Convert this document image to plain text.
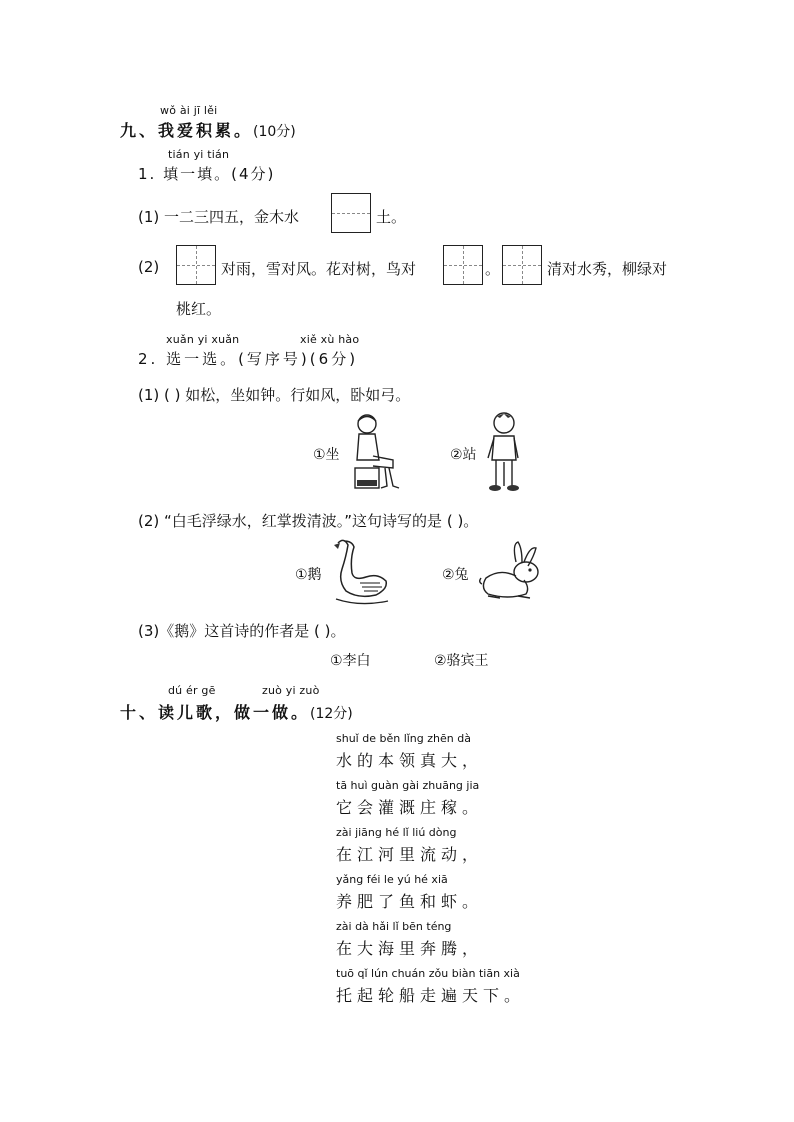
wǒ ài jī lěi
九、我爱积累。(10分)
tián yi tián
1. 填一填。(4分)
(1) 一二三四五，金木水	土。
(2)	对雨，雪对风。花对树，鸟对	。	清对水秀，柳绿对
桃红。
xuǎn yi xuǎn	xiě xù hào
2. 选一选。(写序号)(6分)
(1) ( ) 如松，坐如钟。行如风，卧如弓。
①坐	②站
(2) “白毛浮绿水，红掌拨清波。”这句诗写的是 ( )。
①鹅	②兔
(3)《鹅》这首诗的作者是 ( )。
①李白	②骆宾王
dú ér gē	zuò yi zuò
十、读儿歌，做一做。(12分)
shuǐ de běn lǐng zhēn dà
水的本领真大，
tā huì guàn gài zhuāng jia
它会灌溉庄稼。
zài jiāng hé lǐ liú dòng
在江河里流动，
yǎng féi le yú hé xiā
养肥了鱼和虾。
zài dà hǎi lǐ bēn téng
在大海里奔腾，
tuō qǐ lún chuán zǒu biàn tiān xià
托起轮船走遍天下。
